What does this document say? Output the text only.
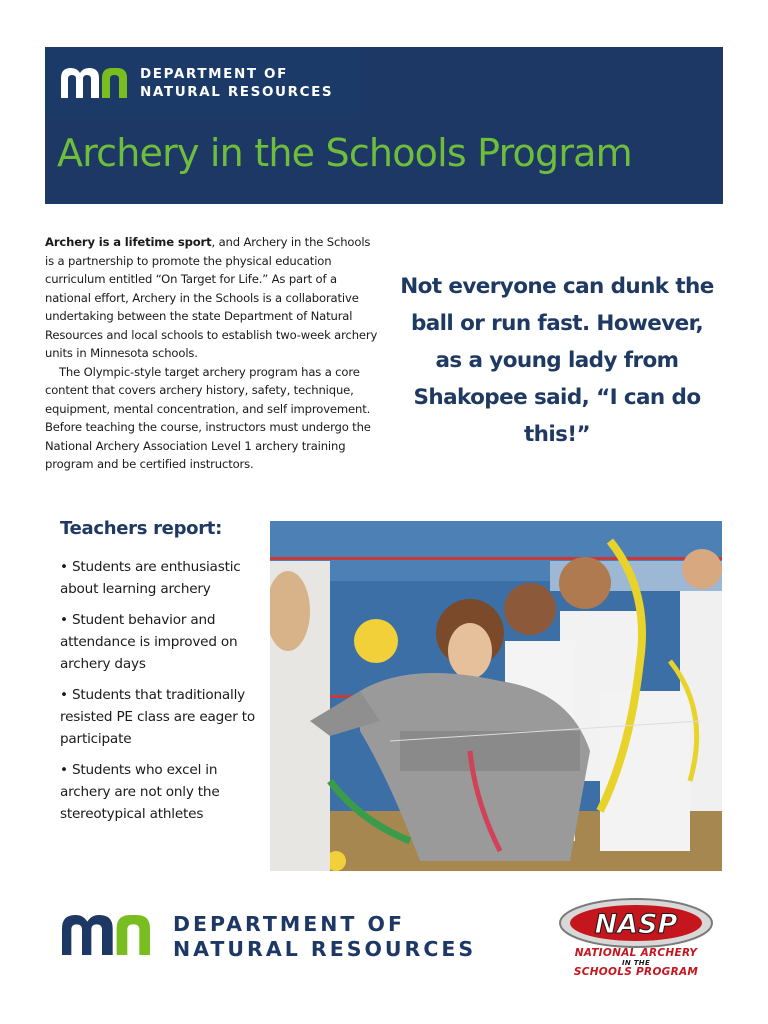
DEPARTMENT OF
NATURAL RESOURCES
Archery in the Schools Program

Archery is a lifetime sport, and Archery in the Schools is a partnership to promote the physical education curriculum entitled “On Target for Life.” As part of a national effort, Archery in the Schools is a collaborative undertaking between the state Department of Natural Resources and local schools to establish two-week archery units in Minnesota schools.

The Olympic-style target archery program has a core content that covers archery history, safety, technique, equipment, mental concentration, and self improvement. Before teaching the course, instructors must undergo the National Archery Association Level 1 archery training program and be certified instructors.

Not everyone can dunk the ball or run fast. However, as a young lady from Shakopee said, “I can do this!”
Teachers report:
• Students are enthusiastic about learning archery
• Student behavior and attendance is improved on archery days
• Students that traditionally resisted PE class are eager to participate
• Students who excel in archery are not only the stereotypical athletes
DEPARTMENT OF
NATURAL RESOURCES
NASP
NATIONAL ARCHERY
IN THE
SCHOOLS PROGRAM
